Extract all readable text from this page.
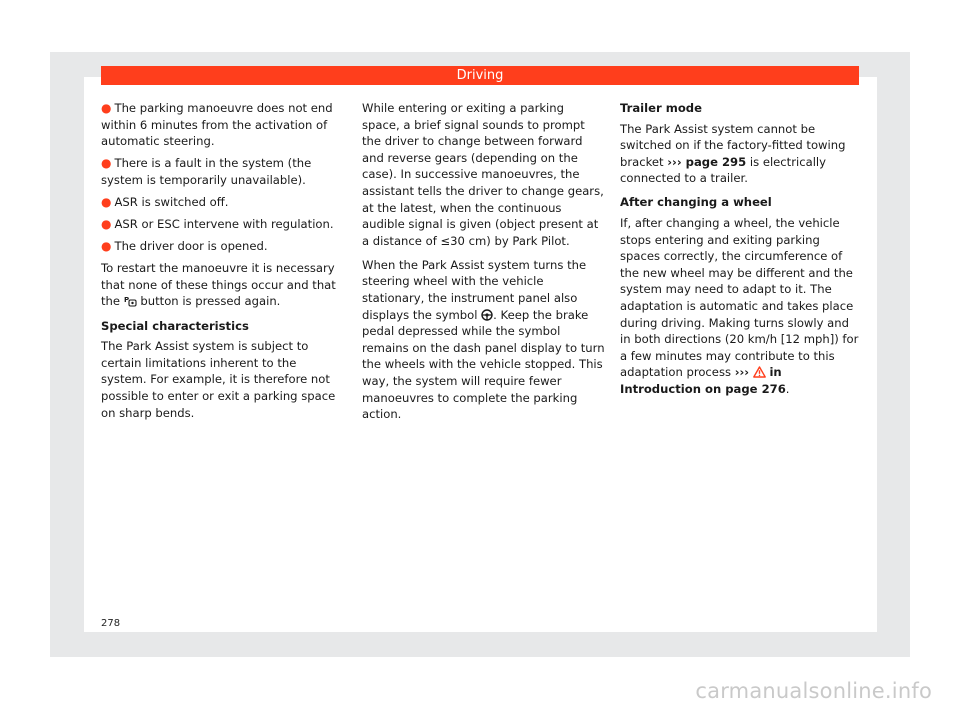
Driving
● The parking manoeuvre does not end within 6 minutes from the activation of automatic steering.
● There is a fault in the system (the system is temporarily unavailable).
● ASR is switched off.
● ASR or ESC intervene with regulation.
● The driver door is opened.

To restart the manoeuvre it is necessary that none of these things occur and that the P button is pressed again.

Special characteristics

The Park Assist system is subject to certain limitations inherent to the system. For example, it is therefore not possible to enter or exit a parking space on sharp bends.

While entering or exiting a parking space, a brief signal sounds to prompt the driver to change between forward and reverse gears (depending on the case). In successive manoeuvres, the assistant tells the driver to change gears, at the latest, when the continuous audible signal is given (object present at a distance of ≤30 cm) by Park Pilot.

When the Park Assist system turns the steering wheel with the vehicle stationary, the instrument panel also displays the symbol . Keep the brake pedal depressed while the symbol remains on the dash panel display to turn the wheels with the vehicle stopped. This way, the system will require fewer manoeuvres to complete the parking action.

Trailer mode

The Park Assist system cannot be switched on if the factory-fitted towing bracket ››› page 295 is electrically connected to a trailer.

After changing a wheel

If, after changing a wheel, the vehicle stops entering and exiting parking spaces correctly, the circumference of the new wheel may be different and the system may need to adapt to it. The adaptation is automatic and takes place during driving. Making turns slowly and in both directions (20 km/h [12 mph]) for a few minutes may contribute to this adaptation process ››› in Introduction on page 276.

278
carmanualsonline.info
